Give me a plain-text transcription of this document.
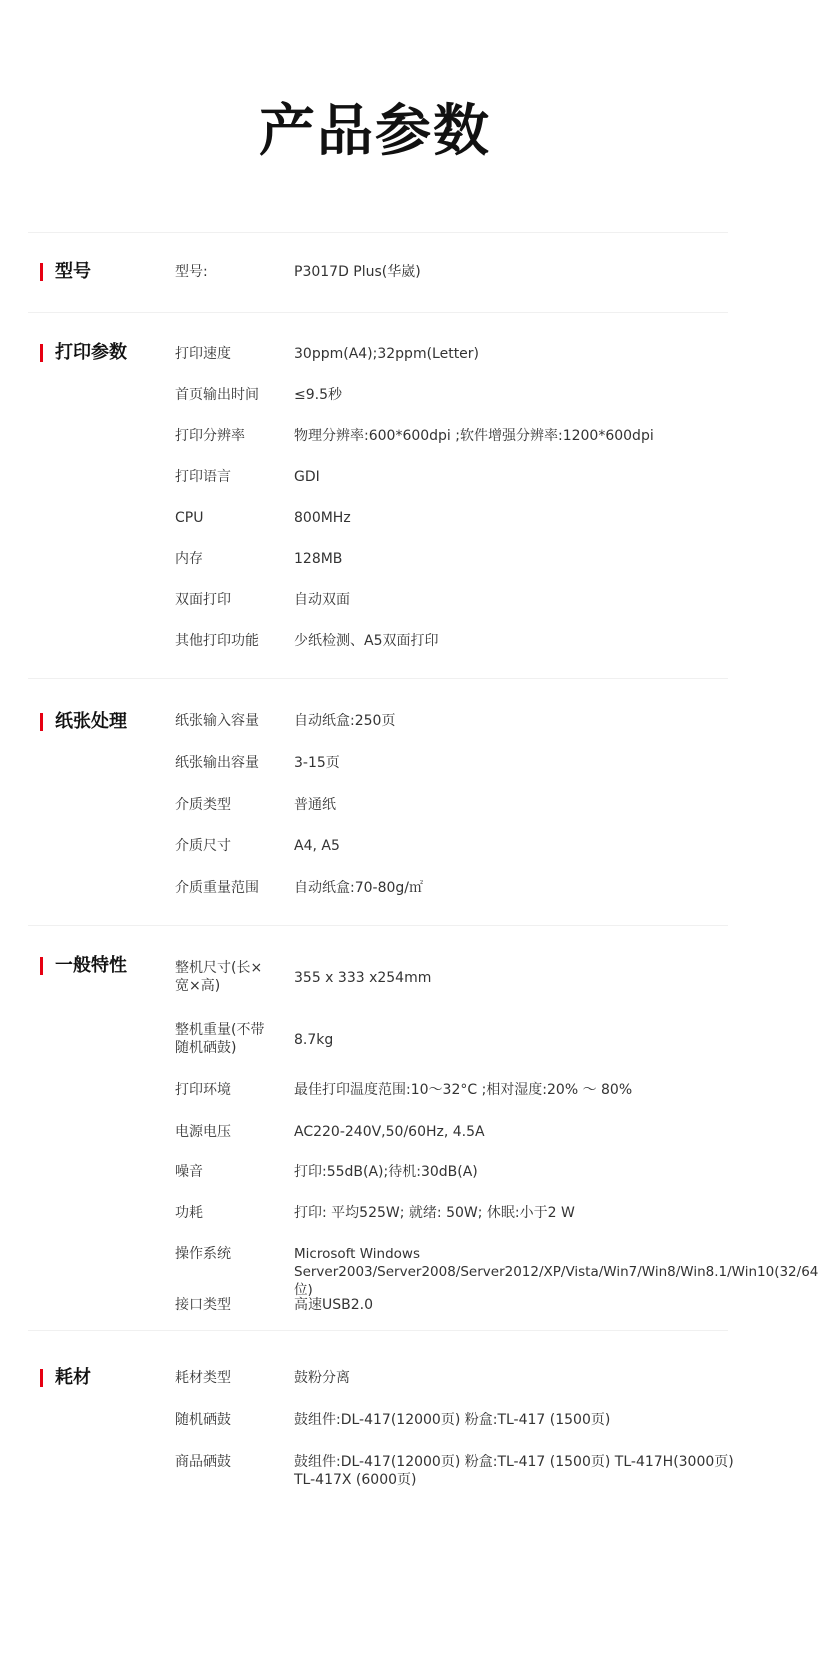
产品参数
型号	型号:	P3017D Plus(华崴)
打印参数	打印速度	30ppm(A4);32ppm(Letter)
首页输出时间	≤9.5秒
打印分辨率	物理分辨率:600*600dpi ;软件增强分辨率:1200*600dpi
打印语言	GDI
CPU	800MHz
内存	128MB
双面打印	自动双面
其他打印功能	少纸检测、A5双面打印
纸张处理	纸张输入容量	自动纸盒:250页
纸张输出容量	3-15页
介质类型	普通纸
介质尺寸	A4, A5
介质重量范围	自动纸盒:70-80g/㎡
一般特性	整机尺寸(长×宽×高)	355 x 333 x254mm
整机重量(不带随机硒鼓)	8.7kg
打印环境	最佳打印温度范围:10～32°C ;相对湿度:20% ～ 80%
电源电压	AC220-240V,50/60Hz, 4.5A
噪音	打印:55dB(A);待机:30dB(A)
功耗	打印: 平均525W; 就绪: 50W; 休眠:小于2 W
操作系统	Microsoft Windows Server2003/Server2008/Server2012/XP/Vista/Win7/Win8/Win8.1/Win10(32/64 位)
接口类型	高速USB2.0
耗材	耗材类型	鼓粉分离
随机硒鼓	鼓组件:DL-417(12000页) 粉盒:TL-417 (1500页)
商品硒鼓	鼓组件:DL-417(12000页) 粉盒:TL-417 (1500页) TL-417H(3000页) TL-417X (6000页)
